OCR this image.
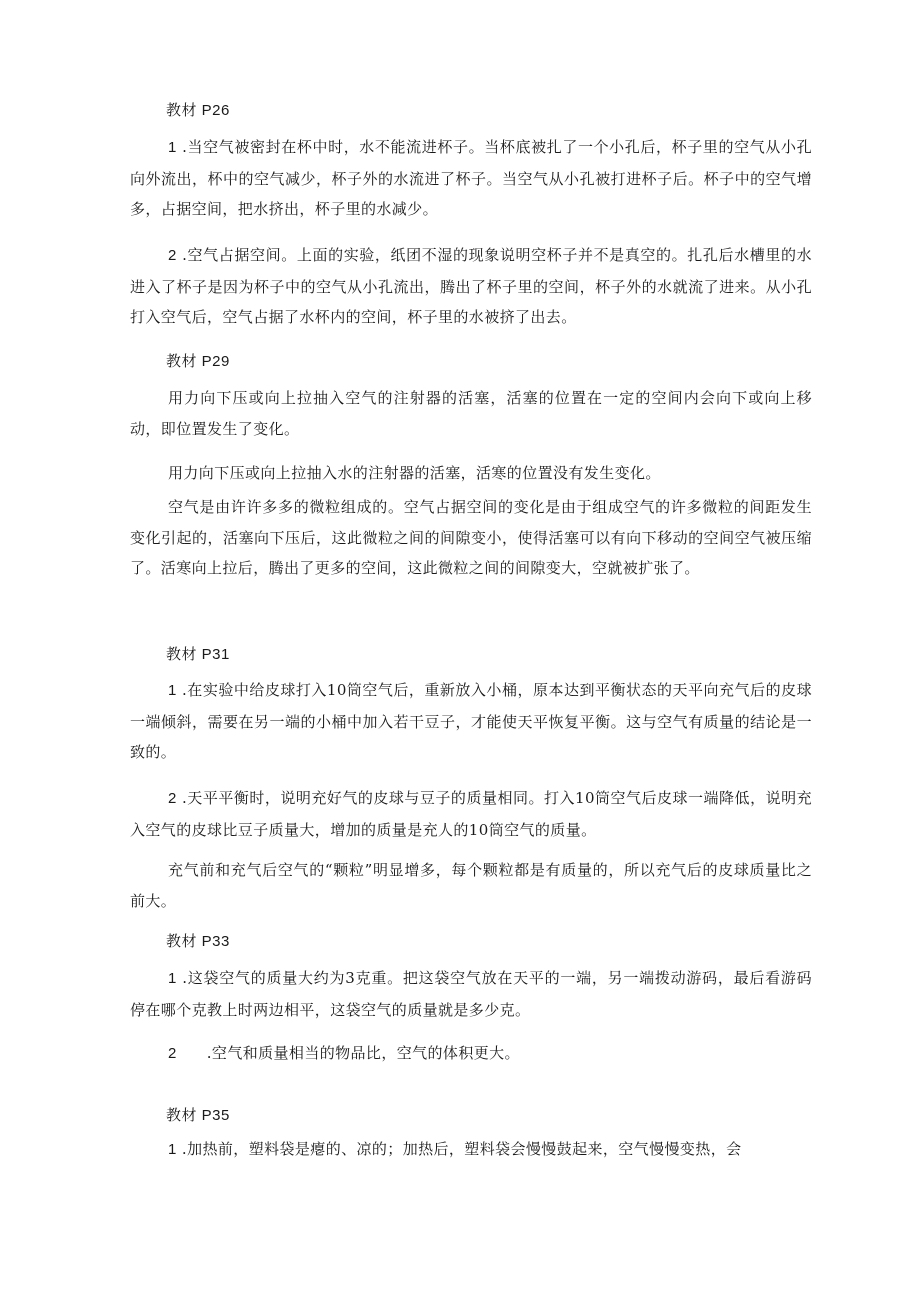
教材 P26
1 .当空气被密封在杯中时，水不能流进杯子。当杯底被扎了一个小孔后，杯子里的空气从小孔向外流出，杯中的空气减少，杯子外的水流进了杯子。当空气从小孔被打进杯子后。杯子中的空气增多，占据空间，把水挤出，杯子里的水减少。
2 .空气占据空间。上面的实验，纸团不湿的现象说明空杯子并不是真空的。扎孔后水槽里的水进入了杯子是因为杯子中的空气从小孔流出，腾出了杯子里的空间，杯子外的水就流了进来。从小孔打入空气后，空气占据了水杯内的空间，杯子里的水被挤了出去。
教材 P29
用力向下压或向上拉抽入空气的注射器的活塞，活塞的位置在一定的空间内会向下或向上移动，即位置发生了变化。
用力向下压或向上拉抽入水的注射器的活塞，活寒的位置没有发生变化。
空气是由许许多多的微粒组成的。空气占据空间的变化是由于组成空气的许多微粒的间距发生变化引起的，活塞向下压后，这此微粒之间的间隙变小，使得活塞可以有向下移动的空间空气被压缩了。活寒向上拉后，腾出了更多的空间，这此微粒之间的间隙变大，空就被扩张了。
教材 P31
1 .在实验中给皮球打入10筒空气后，重新放入小桶，原本达到平衡状态的天平向充气后的皮球一端倾斜，需要在另一端的小桶中加入若干豆子，才能使天平恢复平衡。这与空气有质量的结论是一致的。
2 .天平平衡时，说明充好气的皮球与豆子的质量相同。打入10筒空气后皮球一端降低，说明充入空气的皮球比豆子质量大，增加的质量是充人的10筒空气的质量。
充气前和充气后空气的“颗粒”明显增多，每个颗粒都是有质量的，所以充气后的皮球质量比之前大。
教材 P33
1 .这袋空气的质量大约为3克重。把这袋空气放在天平的一端，另一端拨动游码，最后看游码停在哪个克教上时两边相平，这袋空气的质量就是多少克。
2 .空气和质量相当的物品比，空气的体积更大。
教材 P35
1 .加热前，塑料袋是瘪的、凉的；加热后，塑料袋会慢慢鼓起来，空气慢慢变热，会
